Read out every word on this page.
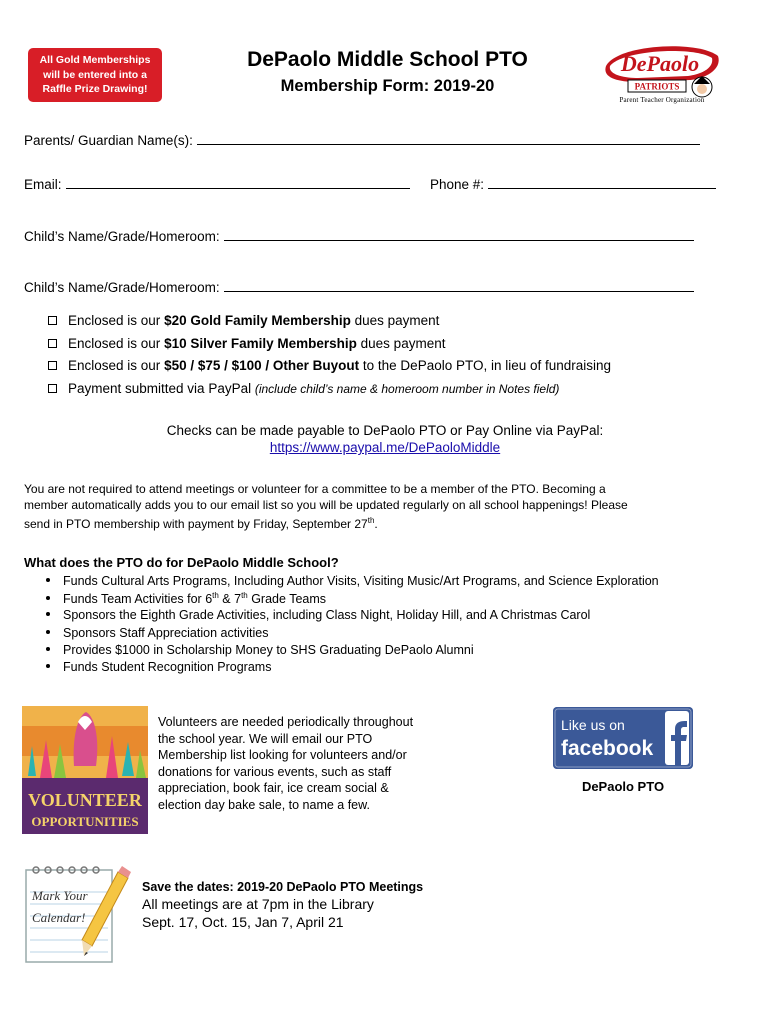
All Gold Memberships
will be entered into a
Raffle Prize Drawing!
DePaolo Middle School PTO
Membership Form: 2019-20
DePaolo
PATRIOTS
Parent Teacher Organization
Parents/ Guardian Name(s):
Email:	Phone #:
Child’s Name/Grade/Homeroom:
Child’s Name/Grade/Homeroom:
Enclosed is our $20 Gold Family Membership dues payment
Enclosed is our $10 Silver Family Membership dues payment
Enclosed is our $50 / $75 / $100 / Other Buyout to the DePaolo PTO, in lieu of fundraising
Payment submitted via PayPal (include child’s name & homeroom number in Notes field)
Checks can be made payable to DePaolo PTO or Pay Online via PayPal:
https://www.paypal.me/DePaoloMiddle
You are not required to attend meetings or volunteer for a committee to be a member of the PTO. Becoming a
member automatically adds you to our email list so you will be updated regularly on all school happenings! Please
send in PTO membership with payment by Friday, September 27th.
What does the PTO do for DePaolo Middle School?
Funds Cultural Arts Programs, Including Author Visits, Visiting Music/Art Programs, and Science Exploration
Funds Team Activities for 6th & 7th Grade Teams
Sponsors the Eighth Grade Activities, including Class Night, Holiday Hill, and A Christmas Carol
Sponsors Staff Appreciation activities
Provides $1000 in Scholarship Money to SHS Graduating DePaolo Alumni
Funds Student Recognition Programs
VOLUNTEER
OPPORTUNITIES
Volunteers are needed periodically throughout
the school year. We will email our PTO
Membership list looking for volunteers and/or
donations for various events, such as staff
appreciation, book fair, ice cream social &
election day bake sale, to name a few.
Like us on
facebook
DePaolo PTO
Mark Your
Calendar!
Save the dates: 2019-20 DePaolo PTO Meetings
All meetings are at 7pm in the Library
Sept. 17, Oct. 15, Jan 7, April 21
